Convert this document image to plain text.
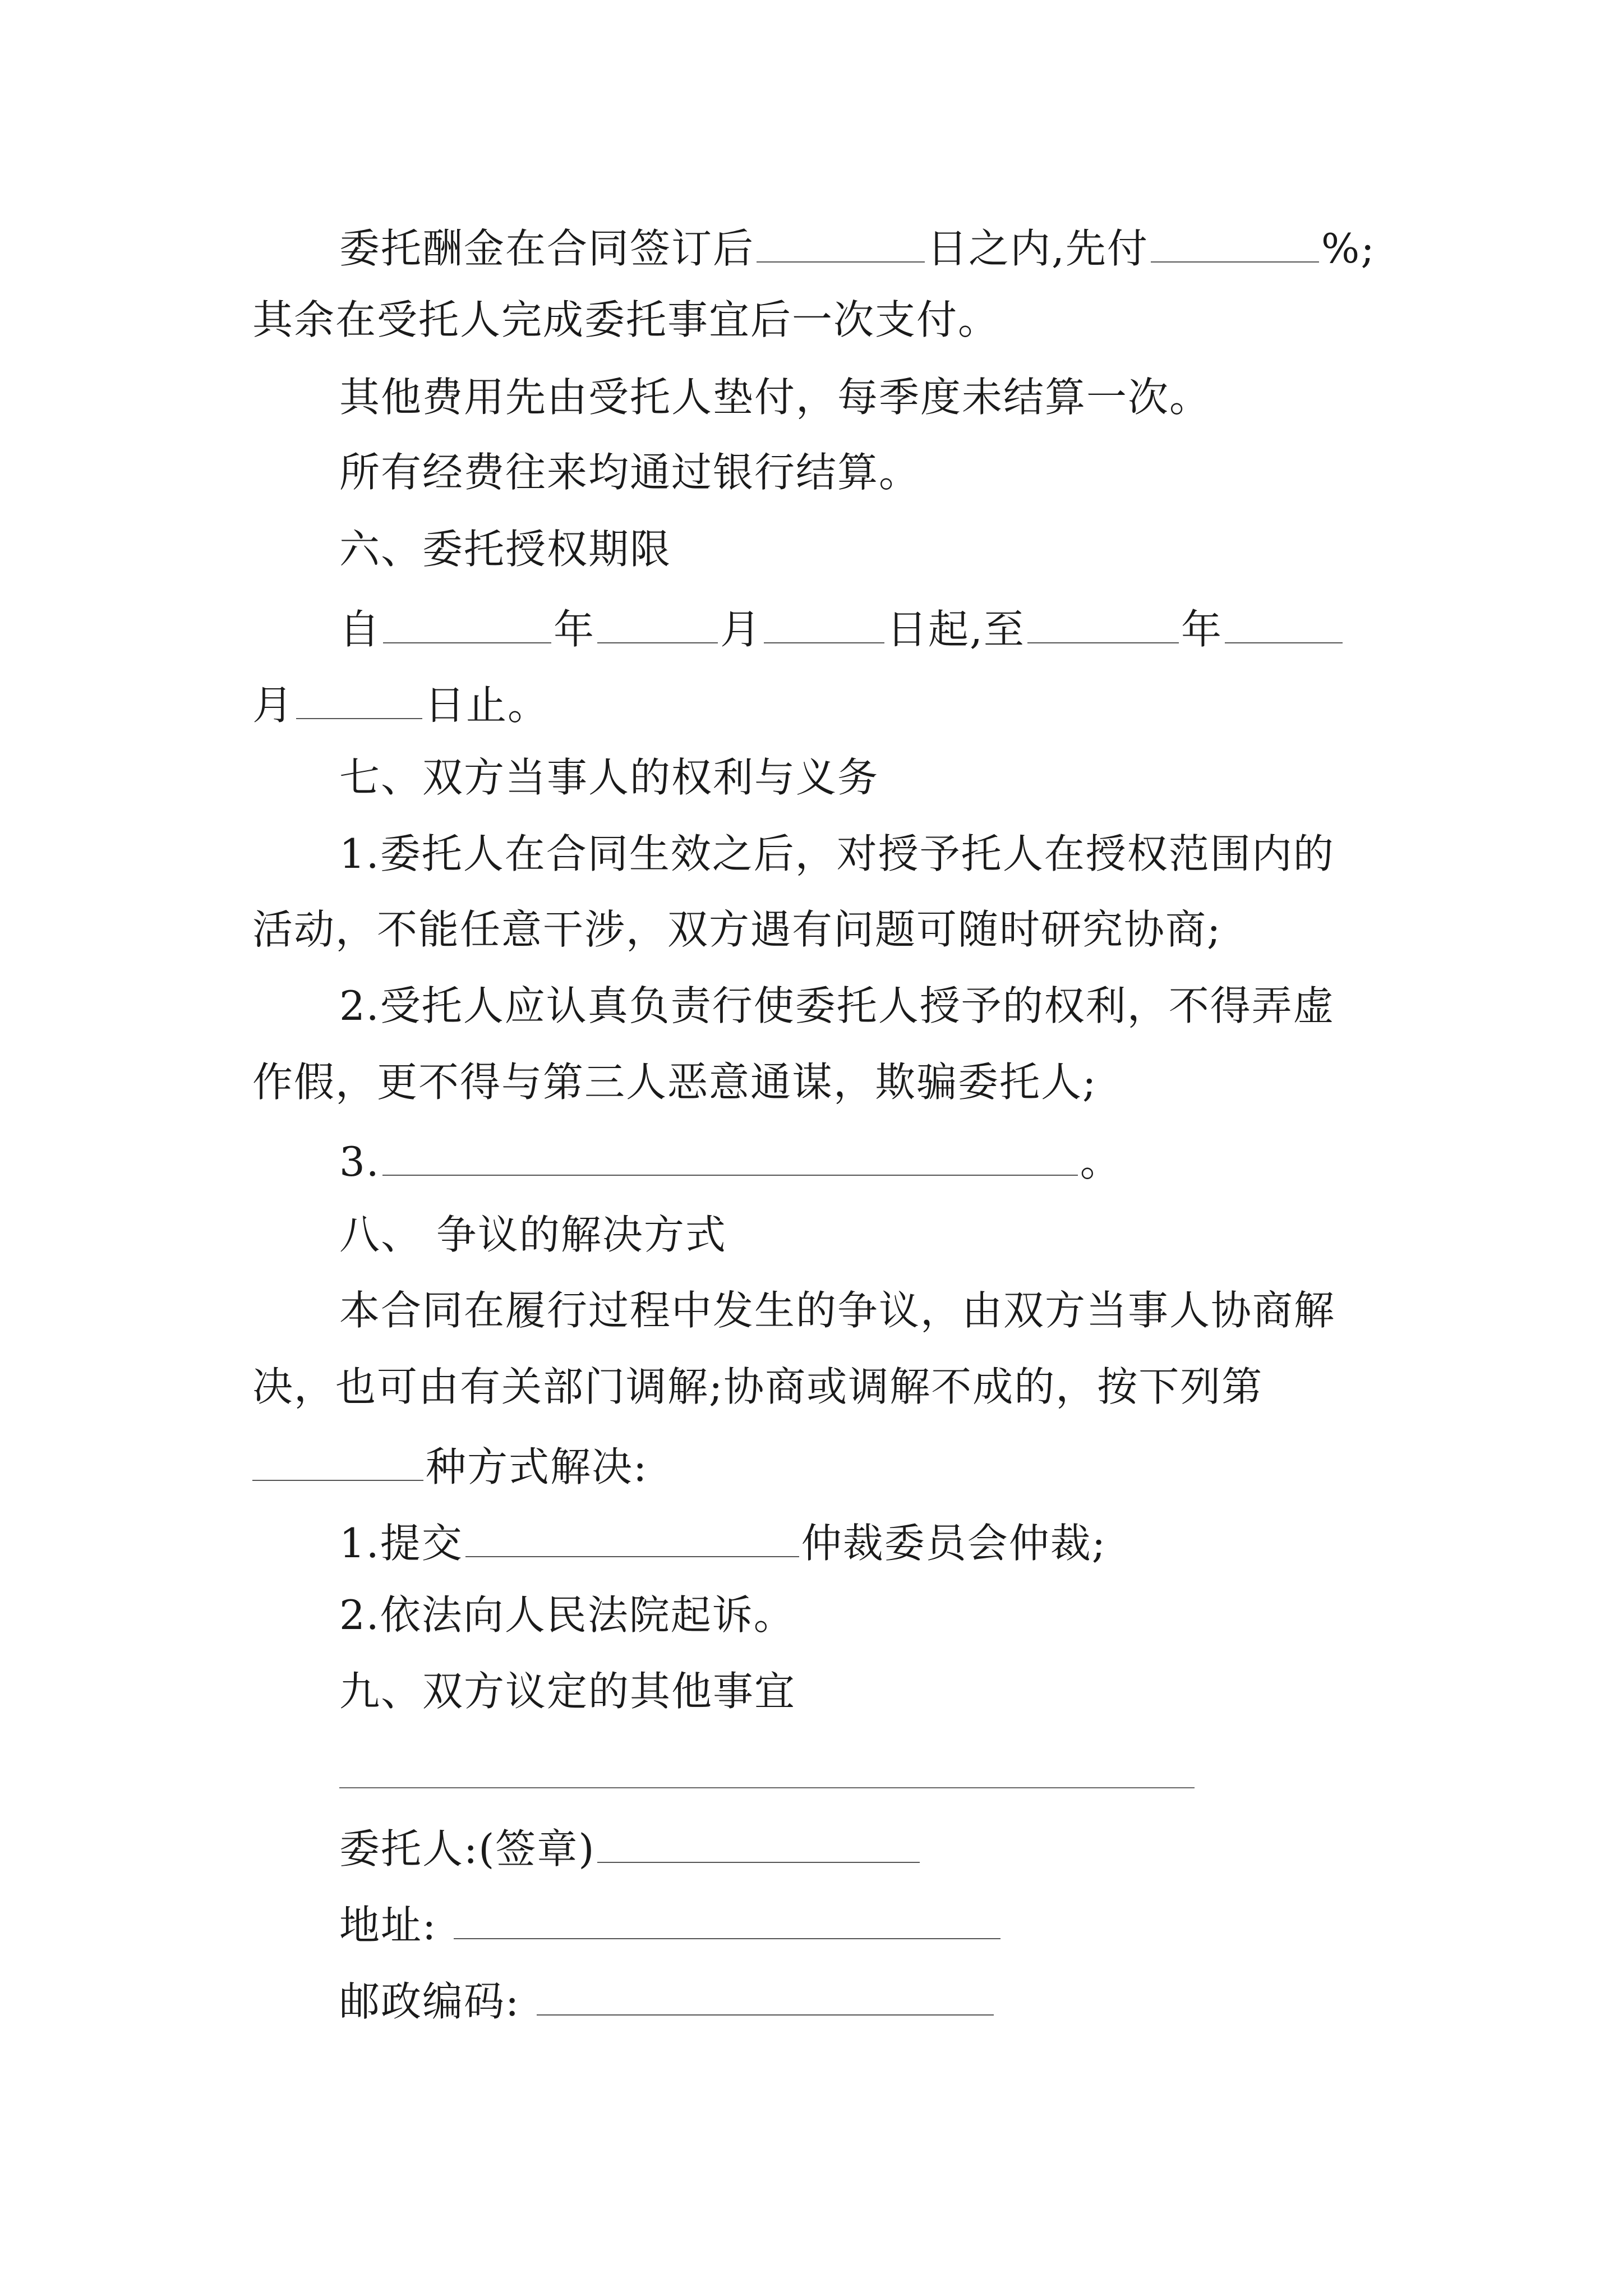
委托酬金在合同签订后	日之内,先付	%;
其余在受托人完成委托事宜后一次支付。
其他费用先由受托人垫付，每季度未结算一次。
所有经费往来均通过银行结算。
六、委托授权期限
自	年	月	日起,至	年
月	日止。
七、双方当事人的权利与义务
1.委托人在合同生效之后，对授予托人在授权范围内的
活动，不能任意干涉，双方遇有问题可随时研究协商;
2.受托人应认真负责行使委托人授予的权利，不得弄虚
作假，更不得与第三人恶意通谋，欺骗委托人;
3.	。
八、 争议的解决方式
本合同在履行过程中发生的争议，由双方当事人协商解
决，也可由有关部门调解;协商或调解不成的，按下列第
种方式解决:
1.提交	仲裁委员会仲裁;
2.依法向人民法院起诉。
九、双方议定的其他事宜
委托人:(签章)
地址:
邮政编码:
